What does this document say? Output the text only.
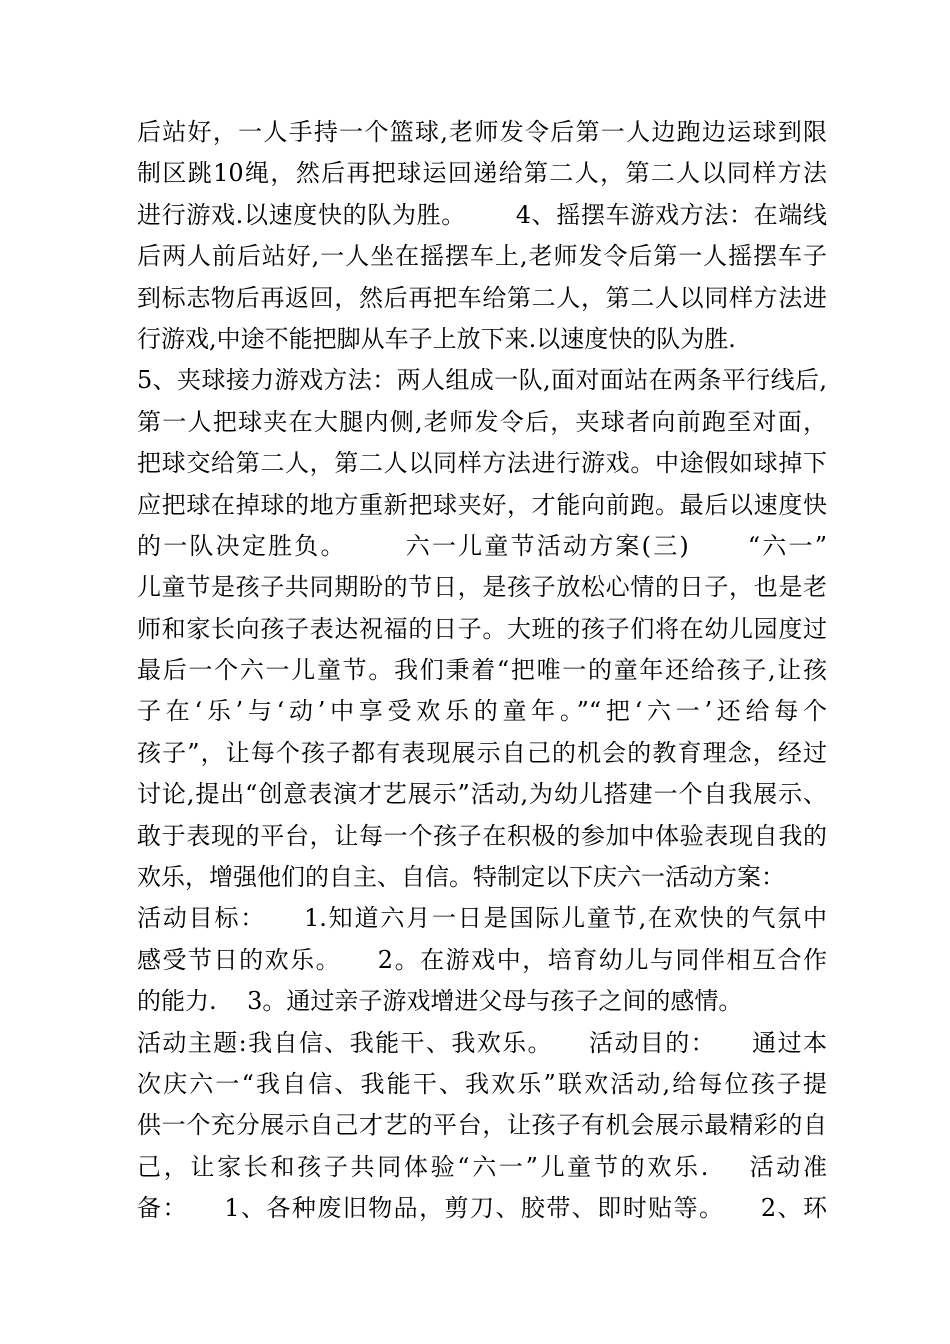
后站好，一人手持一个篮球,老师发令后第一人边跑边运球到限
制区跳10绳，然后再把球运回递给第二人，第二人以同样方法
进行游戏.以速度快的队为胜。      4、摇摆车游戏方法：在端线
后两人前后站好,一人坐在摇摆车上,老师发令后第一人摇摆车子
到标志物后再返回，然后再把车给第二人，第二人以同样方法进
行游戏,中途不能把脚从车子上放下来.以速度快的队为胜.
5、夹球接力游戏方法：两人组成一队,面对面站在两条平行线后,
第一人把球夹在大腿内侧,老师发令后，夹球者向前跑至对面，
把球交给第二人，第二人以同样方法进行游戏。中途假如球掉下
应把球在掉球的地方重新把球夹好，才能向前跑。最后以速度快
的一队决定胜负。      六一儿童节活动方案(三)      “六一”
儿童节是孩子共同期盼的节日，是孩子放松心情的日子，也是老
师和家长向孩子表达祝福的日子。大班的孩子们将在幼儿园度过
最后一个六一儿童节。我们秉着“把唯一的童年还给孩子,让孩
子在‘乐’与‘动’中享受欢乐的童年。”“把‘六一’还给每个
孩子”，让每个孩子都有表现展示自己的机会的教育理念，经过
讨论,提出“创意表演才艺展示”活动,为幼儿搭建一个自我展示、
敢于表现的平台，让每一个孩子在积极的参加中体验表现自我的
欢乐，增强他们的自主、自信。特制定以下庆六一活动方案：
活动目标：    1.知道六月一日是国际儿童节,在欢快的气氛中
感受节日的欢乐。    2。在游戏中，培育幼儿与同伴相互合作
的能力.    3。通过亲子游戏增进父母与孩子之间的感情。
活动主题:我自信、我能干、我欢乐。    活动目的：    通过本
次庆六一“我自信、我能干、我欢乐”联欢活动,给每位孩子提
供一个充分展示自己才艺的平台，让孩子有机会展示最精彩的自
己，让家长和孩子共同体验“六一”儿童节的欢乐.    活动准
备：    1、各种废旧物品，剪刀、胶带、即时贴等。    2、环
